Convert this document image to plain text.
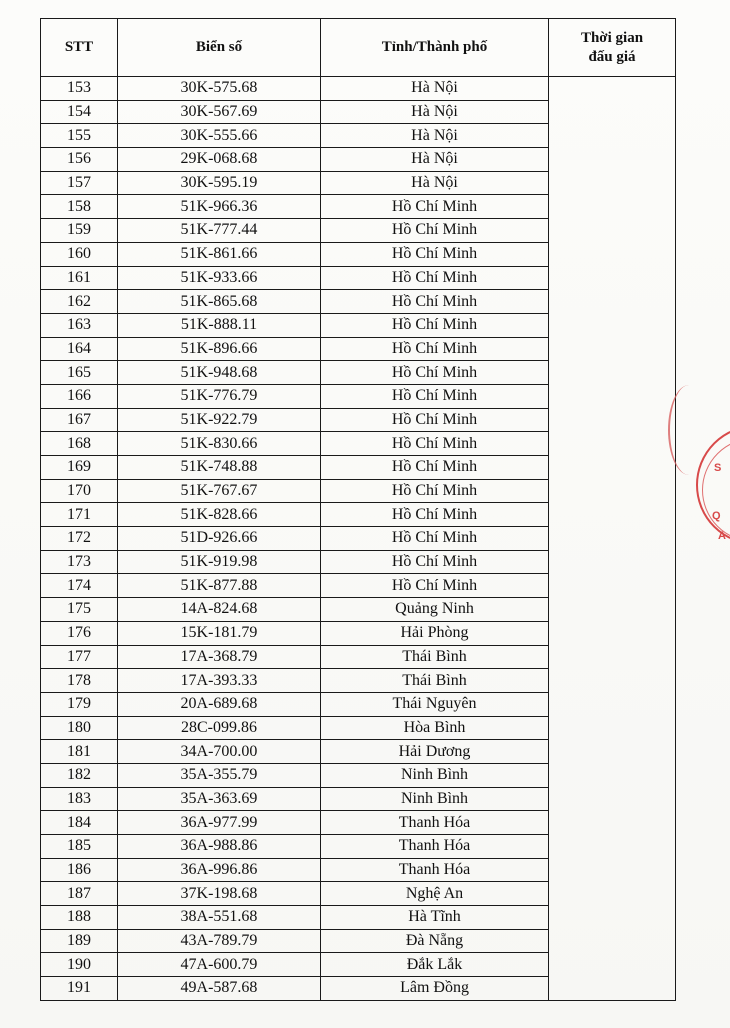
STT	Biển số	Tỉnh/Thành phố	Thời gian
đấu giá
153	30K-575.68	Hà Nội	
154	30K-567.69	Hà Nội	
155	30K-555.66	Hà Nội	
156	29K-068.68	Hà Nội	
157	30K-595.19	Hà Nội	
158	51K-966.36	Hồ Chí Minh	
159	51K-777.44	Hồ Chí Minh	
160	51K-861.66	Hồ Chí Minh	
161	51K-933.66	Hồ Chí Minh	
162	51K-865.68	Hồ Chí Minh	
163	51K-888.11	Hồ Chí Minh	
164	51K-896.66	Hồ Chí Minh	
165	51K-948.68	Hồ Chí Minh	
166	51K-776.79	Hồ Chí Minh	
167	51K-922.79	Hồ Chí Minh	
168	51K-830.66	Hồ Chí Minh	
169	51K-748.88	Hồ Chí Minh	
170	51K-767.67	Hồ Chí Minh	
171	51K-828.66	Hồ Chí Minh	
172	51D-926.66	Hồ Chí Minh	
173	51K-919.98	Hồ Chí Minh	
174	51K-877.88	Hồ Chí Minh	
175	14A-824.68	Quảng Ninh	
176	15K-181.79	Hải Phòng	
177	17A-368.79	Thái Bình	
178	17A-393.33	Thái Bình	
179	20A-689.68	Thái Nguyên	
180	28C-099.86	Hòa Bình	
181	34A-700.00	Hải Dương	
182	35A-355.79	Ninh Bình	
183	35A-363.69	Ninh Bình	
184	36A-977.99	Thanh Hóa	
185	36A-988.86	Thanh Hóa	
186	36A-996.86	Thanh Hóa	
187	37K-198.68	Nghệ An	
188	38A-551.68	Hà Tĩnh	
189	43A-789.79	Đà Nẵng	
190	47A-600.79	Đắk Lắk	
191	49A-587.68	Lâm Đồng	
S
Q
A
